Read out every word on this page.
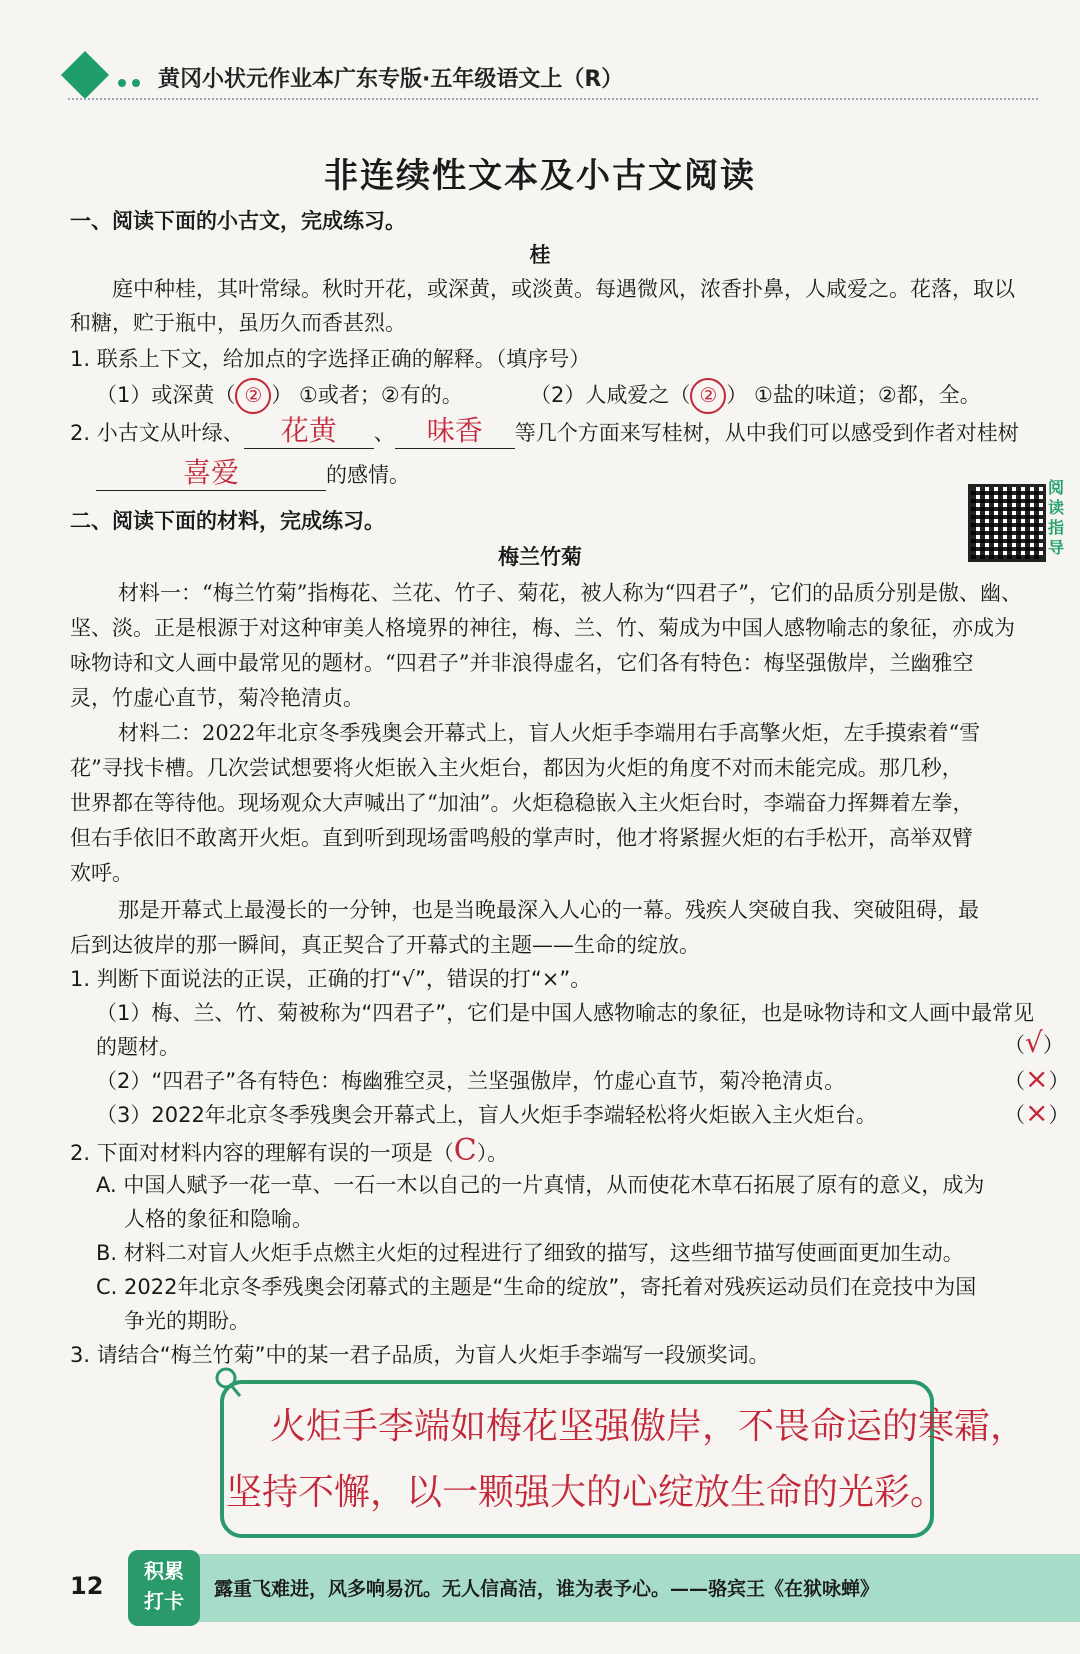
黄冈小状元作业本广东专版·五年级语文上（R）
非连续性文本及小古文阅读
一、阅读下面的小古文，完成练习。
桂
庭中种桂，其叶常绿。秋时开花，或深黄，或淡黄。每遇微风，浓香扑鼻，人咸爱之。花落，取以
和糖，贮于瓶中，虽历久而香甚烈。
1. 联系上下文，给加点的字选择正确的解释。（填序号）
（1）或深黄（ ② ） ①或者；②有的。	（2）人咸爱之（ ② ） ①盐的味道；②都，全。
2. 小古文从叶绿、 花黄 、 味香 等几个方面来写桂树，从中我们可以感受到作者对桂树
喜爱	的感情。
阅读指导
二、阅读下面的材料，完成练习。
梅兰竹菊
材料一：“梅兰竹菊”指梅花、兰花、竹子、菊花，被人称为“四君子”，它们的品质分别是傲、幽、
坚、淡。正是根源于对这种审美人格境界的神往，梅、兰、竹、菊成为中国人感物喻志的象征，亦成为
咏物诗和文人画中最常见的题材。“四君子”并非浪得虚名，它们各有特色：梅坚强傲岸，兰幽雅空
灵，竹虚心直节，菊冷艳清贞。
材料二：2022年北京冬季残奥会开幕式上，盲人火炬手李端用右手高擎火炬，左手摸索着“雪
花”寻找卡槽。几次尝试想要将火炬嵌入主火炬台，都因为火炬的角度不对而未能完成。那几秒，
世界都在等待他。现场观众大声喊出了“加油”。火炬稳稳嵌入主火炬台时，李端奋力挥舞着左拳，
但右手依旧不敢离开火炬。直到听到现场雷鸣般的掌声时，他才将紧握火炬的右手松开，高举双臂
欢呼。
那是开幕式上最漫长的一分钟，也是当晚最深入人心的一幕。残疾人突破自我、突破阻碍，最
后到达彼岸的那一瞬间，真正契合了开幕式的主题——生命的绽放。
1. 判断下面说法的正误，正确的打“√”，错误的打“×”。
（1）梅、兰、竹、菊被称为“四君子”，它们是中国人感物喻志的象征，也是咏物诗和文人画中最常见
的题材。	（√）
（2）“四君子”各有特色：梅幽雅空灵，兰坚强傲岸，竹虚心直节，菊冷艳清贞。	（×）
（3）2022年北京冬季残奥会开幕式上，盲人火炬手李端轻松将火炬嵌入主火炬台。	（×）
2. 下面对材料内容的理解有误的一项是（C）。
A. 中国人赋予一花一草、一石一木以自己的一片真情，从而使花木草石拓展了原有的意义，成为
人格的象征和隐喻。
B. 材料二对盲人火炬手点燃主火炬的过程进行了细致的描写，这些细节描写使画面更加生动。
C. 2022年北京冬季残奥会闭幕式的主题是“生命的绽放”，寄托着对残疾运动员们在竞技中为国
争光的期盼。
3. 请结合“梅兰竹菊”中的某一君子品质，为盲人火炬手李端写一段颁奖词。
火炬手李端如梅花坚强傲岸，不畏命运的寒霜，
坚持不懈，以一颗强大的心绽放生命的光彩。
12
积累
打卡	露重飞难进，风多响易沉。无人信高洁，谁为表予心。——骆宾王《在狱咏蝉》
